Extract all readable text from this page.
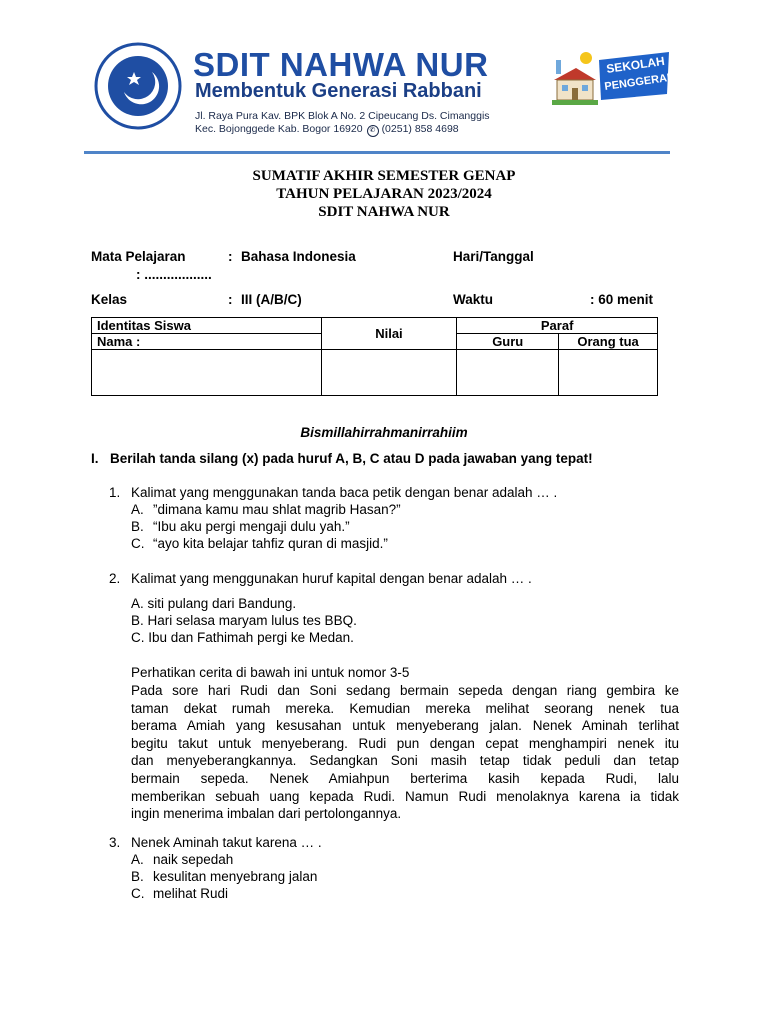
SDIT NAHWA NUR
Membentuk Generasi Rabbani
Jl. Raya Pura Kav. BPK Blok A No. 2 Cipeucang Ds. Cimanggis
Kec. Bojonggede Kab. Bogor 16920 ✆ (0251) 858 4698
SEKOLAH
PENGGERAK
SUMATIF AKHIR SEMESTER GENAP
TAHUN PELAJARAN 2023/2024
SDIT NAHWA NUR
Mata Pelajaran	: Bahasa Indonesia	Hari/Tanggal
: ..................
Kelas	: III (A/B/C)	Waktu	: 60 menit
Identitas Siswa	Nilai	Paraf	
Nama :		Guru	Orang tua

Bismillahirrahmanirrahiim
I. Berilah tanda silang (x) pada huruf A, B, C atau D pada jawaban yang tepat!
1. Kalimat yang menggunakan tanda baca petik dengan benar adalah … .
A. ”dimana kamu mau shlat magrib Hasan?”
B. “Ibu aku pergi mengaji dulu yah.”
C. “ayo kita belajar tahfiz quran di masjid.”
2. Kalimat yang menggunakan huruf kapital dengan benar adalah … .
A. siti pulang dari Bandung.
B. Hari selasa maryam lulus tes BBQ.
C. Ibu dan Fathimah pergi ke Medan.
Perhatikan cerita di bawah ini untuk nomor 3-5
Pada sore hari Rudi dan Soni sedang bermain sepeda dengan riang gembira ke
taman dekat rumah mereka. Kemudian mereka melihat seorang nenek tua
berama Amiah yang kesusahan untuk menyeberang jalan. Nenek Aminah terlihat
begitu takut untuk menyeberang. Rudi pun dengan cepat menghampiri nenek itu
dan menyeberangkannya. Sedangkan Soni masih tetap tidak peduli dan tetap
bermain sepeda. Nenek Amiahpun berterima kasih kepada Rudi, lalu
memberikan sebuah uang kepada Rudi. Namun Rudi menolaknya karena ia tidak
ingin menerima imbalan dari pertolongannya.
3. Nenek Aminah takut karena … .
A. naik sepedah
B. kesulitan menyebrang jalan
C. melihat Rudi
